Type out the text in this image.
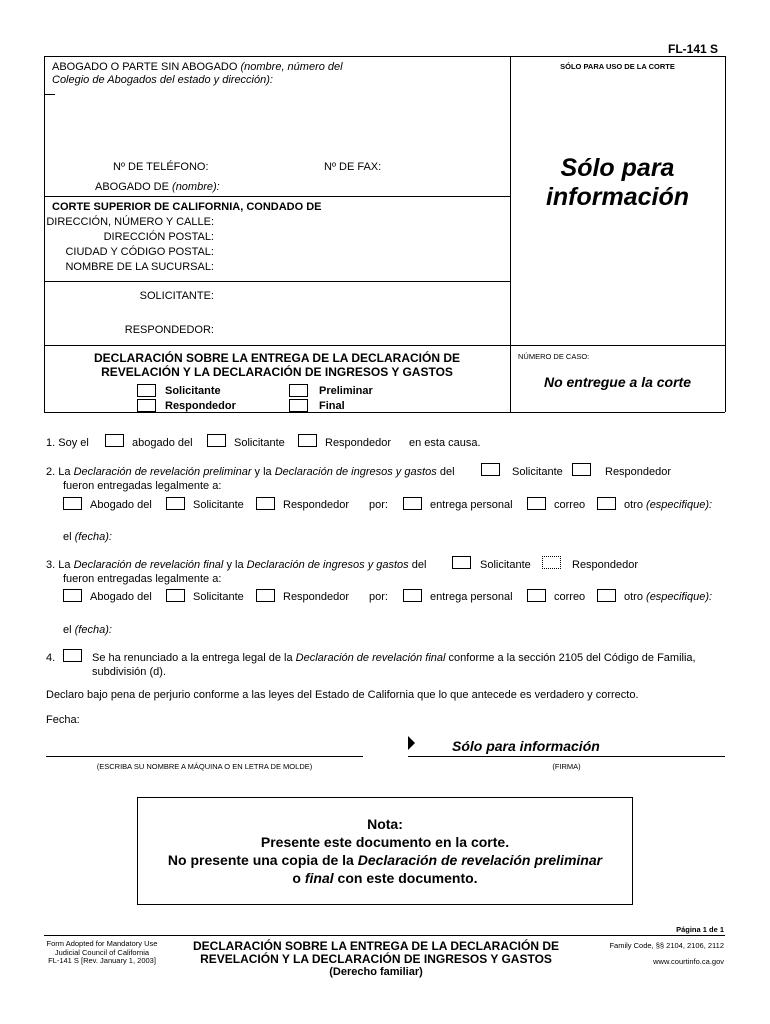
FL-141 S
ABOGADO O PARTE SIN ABOGADO (nombre, número del
Colegio de Abogados del estado y dirección):
Nº DE TELÉFONO:	Nº DE FAX:
ABOGADO DE (nombre):
CORTE SUPERIOR DE CALIFORNIA, CONDADO DE
DIRECCIÓN, NÚMERO Y CALLE:
DIRECCIÓN POSTAL:
CIUDAD Y CÓDIGO POSTAL:
NOMBRE DE LA SUCURSAL:
SOLICITANTE:
RESPONDEDOR:
SÓLO PARA USO DE LA CORTE
Sólo para
información
DECLARACIÓN SOBRE LA ENTREGA DE LA DECLARACIÓN DE
REVELACIÓN Y LA DECLARACIÓN DE INGRESOS Y GASTOS
Solicitante
Respondedor
Preliminar
Final
NÚMERO DE CASO:
No entregue a la corte
1. Soy el	abogado del	Solicitante	Respondedor en esta causa.
2. La Declaración de revelación preliminar y la Declaración de ingresos y gastos del	Solicitante	Respondedor
fueron entregadas legalmente a:
Abogado del	Solicitante	Respondedor por:	entrega personal	correo	otro (especifique):
el (fecha):
3. La Declaración de revelación final y la Declaración de ingresos y gastos del	Solicitante	Respondedor
fueron entregadas legalmente a:
Abogado del	Solicitante	Respondedor por:	entrega personal	correo	otro (especifique):
el (fecha):
4.	Se ha renunciado a la entrega legal de la Declaración de revelación final conforme a la sección 2105 del Código de Familia,
subdivisión (d).
Declaro bajo pena de perjurio conforme a las leyes del Estado de California que lo que antecede es verdadero y correcto.
Fecha:
(ESCRIBA SU NOMBRE A MÁQUINA O EN LETRA DE MOLDE)
Sólo para información
(FIRMA)
Nota:
Presente este documento en la corte.
No presente una copia de la Declaración de revelación preliminar
o final con este documento.
Página 1 de 1
Form Adopted for Mandatory Use
Judicial Council of California
FL-141 S [Rev. January 1, 2003]
DECLARACIÓN SOBRE LA ENTREGA DE LA DECLARACIÓN DE
REVELACIÓN Y LA DECLARACIÓN DE INGRESOS Y GASTOS
(Derecho familiar)
Family Code, §§ 2104, 2106, 2112
www.courtinfo.ca.gov
